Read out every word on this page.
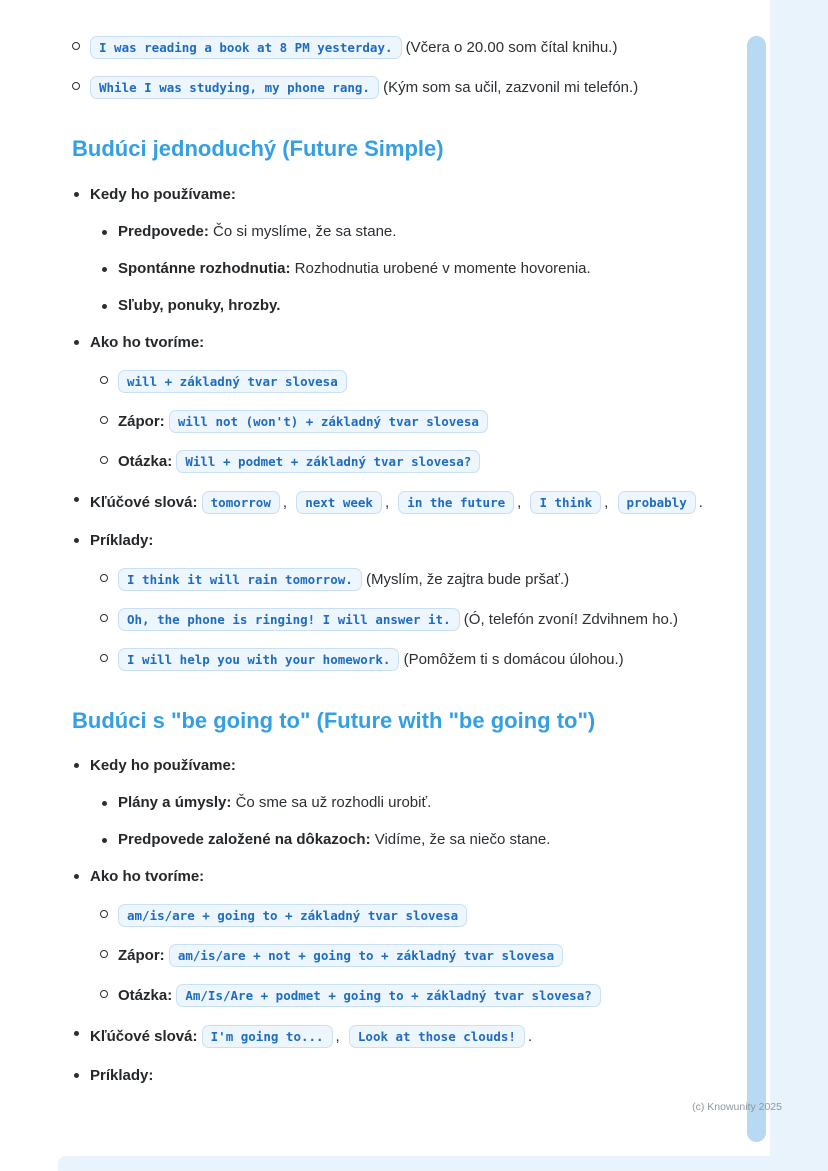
I was reading a book at 8 PM yesterday. (Včera o 20.00 som čítal knihu.)
While I was studying, my phone rang. (Kým som sa učil, zazvonil mi telefón.)
Budúci jednoduchý (Future Simple)
Kedy ho používame:
Predpovede: Čo si myslíme, že sa stane.
Spontánne rozhodnutia: Rozhodnutia urobené v momente hovorenia.
Sľuby, ponuky, hrozby.
Ako ho tvoríme:
will + základný tvar slovesa
Zápor: will not (won't) + základný tvar slovesa
Otázka: Will + podmet + základný tvar slovesa?
Kľúčové slová: tomorrow , next week , in the future , I think , probably .
Príklady:
I think it will rain tomorrow. (Myslím, že zajtra bude pršať.)
Oh, the phone is ringing! I will answer it. (Ó, telefón zvoní! Zdvihnem ho.)
I will help you with your homework. (Pomôžem ti s domácou úlohou.)
Budúci s "be going to" (Future with "be going to")
Kedy ho používame:
Plány a úmysly: Čo sme sa už rozhodli urobiť.
Predpovede založené na dôkazoch: Vidíme, že sa niečo stane.
Ako ho tvoríme:
am/is/are + going to + základný tvar slovesa
Zápor: am/is/are + not + going to + základný tvar slovesa
Otázka: Am/Is/Are + podmet + going to + základný tvar slovesa?
Kľúčové slová: I'm going to... , Look at those clouds! .
Príklady:
(c) Knowunity 2025
